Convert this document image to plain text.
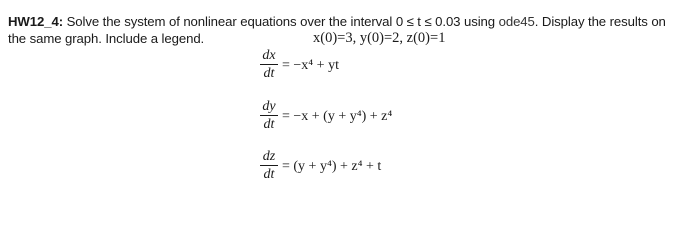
HW12_4: Solve the system of nonlinear equations over the interval 0 ≤ t ≤ 0.03 using ode45. Display the results on the same graph. Include a legend.	x(0)=3, y(0)=2, z(0)=1
$\frac{dx}{dt} = -x^4$ + yt
$\frac{dy}{dt} = -x + (y + y^4) + z^4$
$\frac{dz}{dt} = (y + y^4) + z^4 + t$
